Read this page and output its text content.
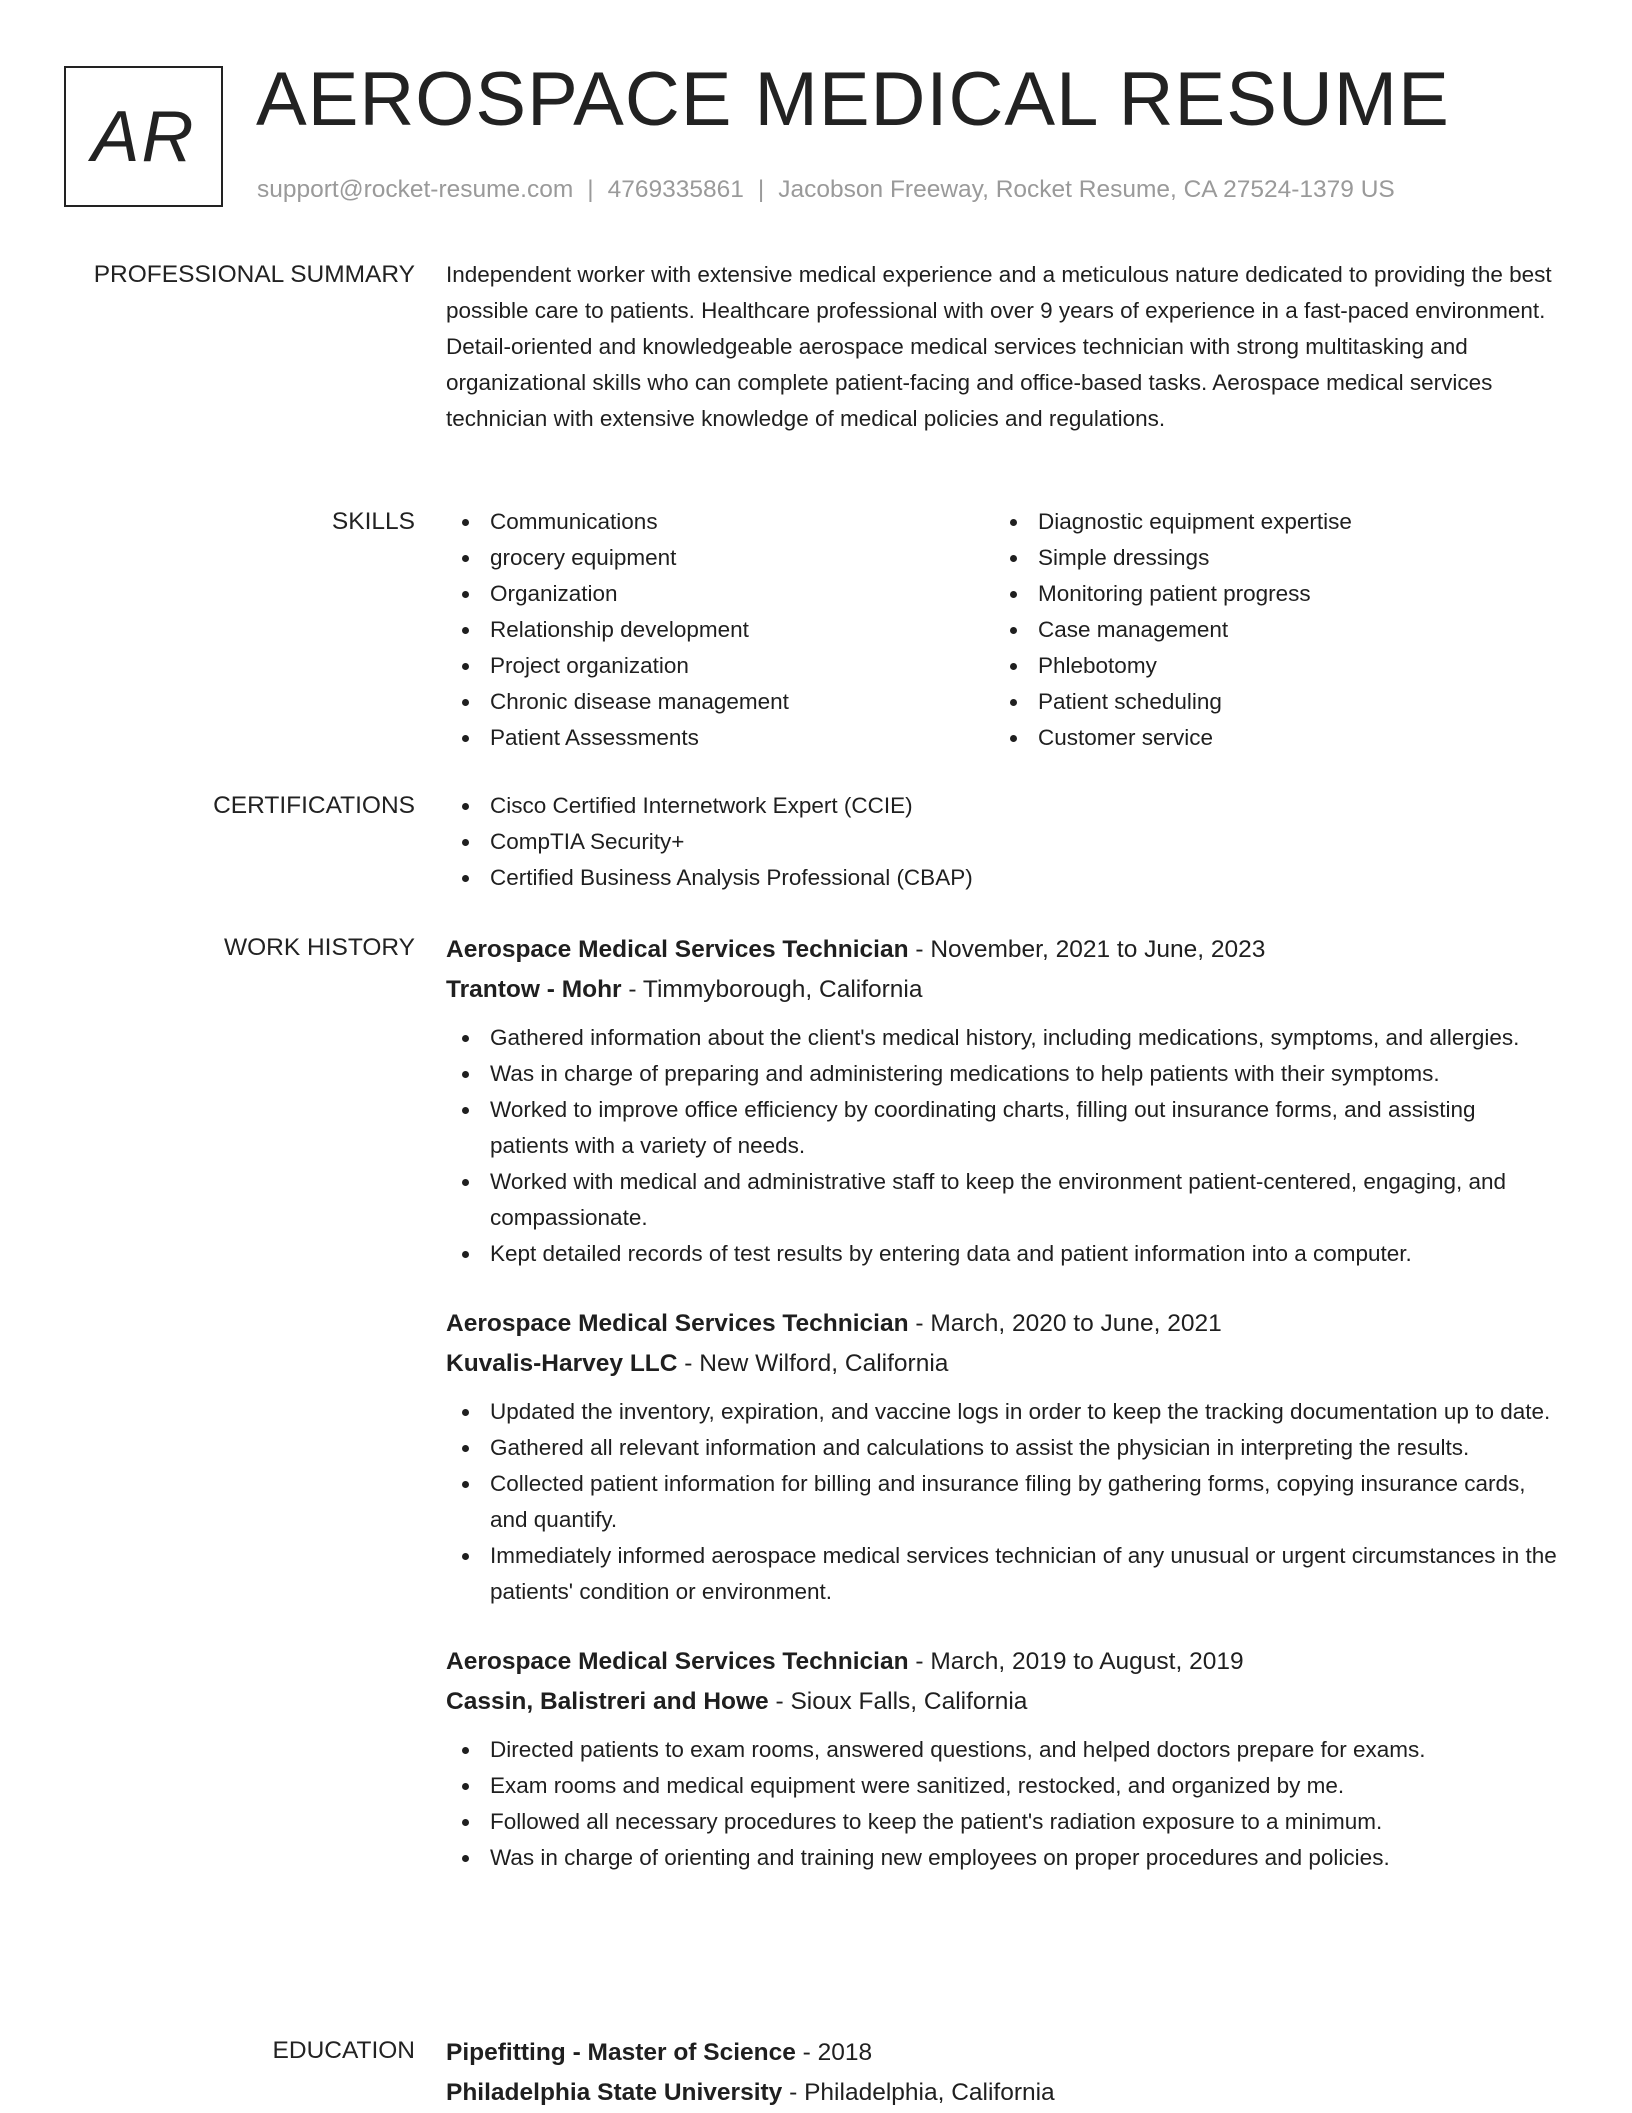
AR AEROSPACE MEDICAL RESUME
support@rocket-resume.com | 4769335861 | Jacobson Freeway, Rocket Resume, CA 27524-1379 US
PROFESSIONAL SUMMARY Independent worker with extensive medical experience and a meticulous nature dedicated to providing the best possible care to patients. Healthcare professional with over 9 years of experience in a fast-paced environment. Detail-oriented and knowledgeable aerospace medical services technician with strong multitasking and organizational skills who can complete patient-facing and office-based tasks. Aerospace medical services technician with extensive knowledge of medical policies and regulations.

SKILLS	Communications
grocery equipment
Organization
Relationship development
Project organization
Chronic disease management
Patient Assessments
Diagnostic equipment expertise
Simple dressings
Monitoring patient progress
Case management
Phlebotomy
Patient scheduling
Customer service
CERTIFICATIONS	Cisco Certified Internetwork Expert (CCIE)
CompTIA Security+
Certified Business Analysis Professional (CBAP)
WORK HISTORY Aerospace Medical Services Technician - November, 2021 to June, 2023
Trantow - Mohr - Timmyborough, California
Gathered information about the client's medical history, including medications, symptoms, and allergies.
Was in charge of preparing and administering medications to help patients with their symptoms.
Worked to improve office efficiency by coordinating charts, filling out insurance forms, and assisting patients with a variety of needs.
Worked with medical and administrative staff to keep the environment patient-centered, engaging, and compassionate.
Kept detailed records of test results by entering data and patient information into a computer.
Aerospace Medical Services Technician - March, 2020 to June, 2021
Kuvalis-Harvey LLC - New Wilford, California
Updated the inventory, expiration, and vaccine logs in order to keep the tracking documentation up to date.
Gathered all relevant information and calculations to assist the physician in interpreting the results.
Collected patient information for billing and insurance filing by gathering forms, copying insurance cards, and quantify.
Immediately informed aerospace medical services technician of any unusual or urgent circumstances in the patients' condition or environment.
Aerospace Medical Services Technician - March, 2019 to August, 2019
Cassin, Balistreri and Howe - Sioux Falls, California
Directed patients to exam rooms, answered questions, and helped doctors prepare for exams.
Exam rooms and medical equipment were sanitized, restocked, and organized by me.
Followed all necessary procedures to keep the patient's radiation exposure to a minimum.
Was in charge of orienting and training new employees on proper procedures and policies.
EDUCATION Pipefitting - Master of Science - 2018
Philadelphia State University - Philadelphia, California
